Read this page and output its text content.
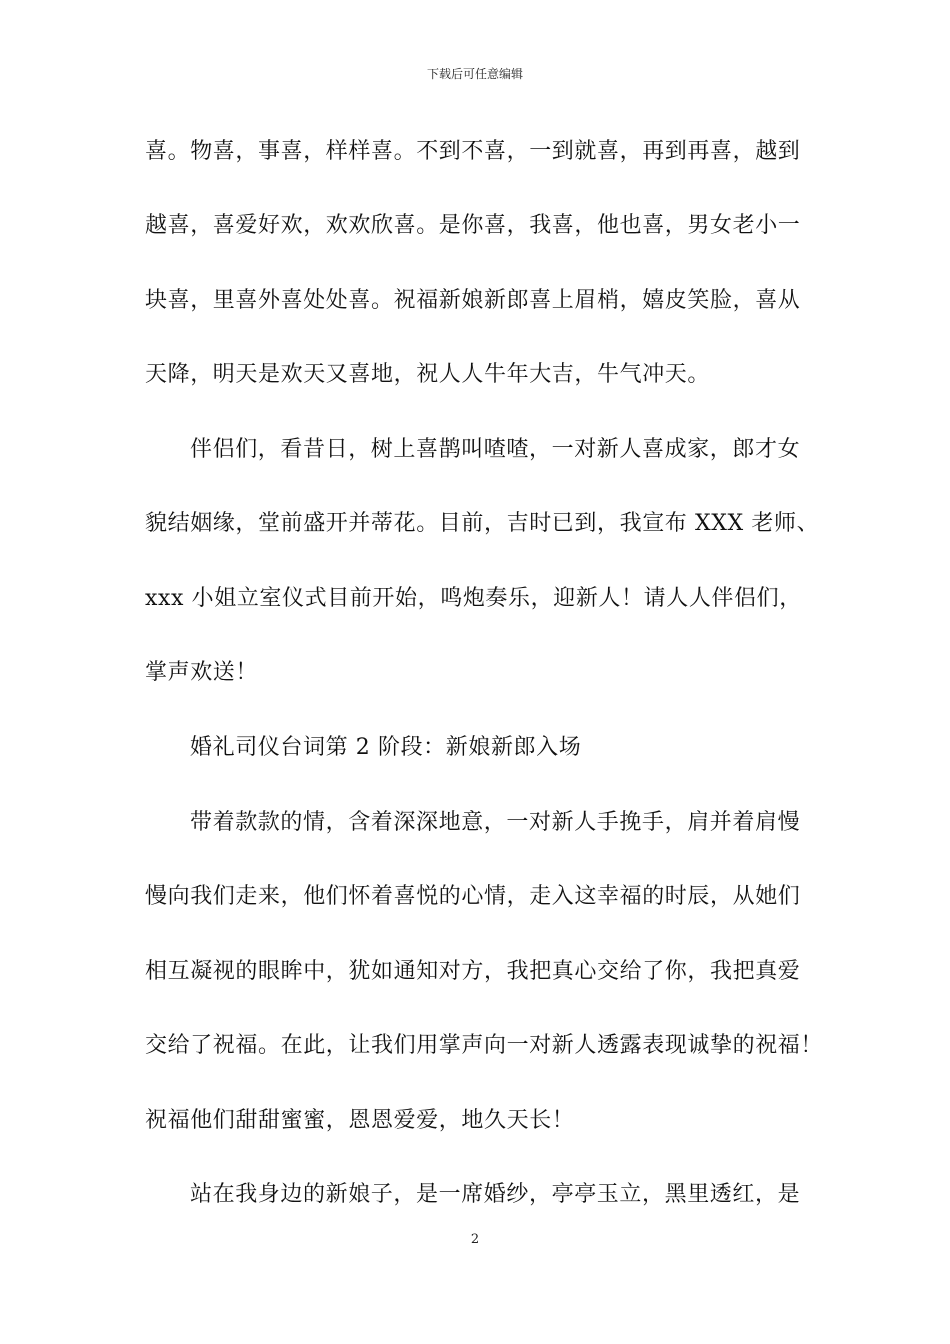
下载后可任意编辑
喜。物喜，事喜，样样喜。不到不喜，一到就喜，再到再喜，越到
越喜，喜爱好欢，欢欢欣喜。是你喜，我喜，他也喜，男女老小一
块喜，里喜外喜处处喜。祝福新娘新郎喜上眉梢，嬉皮笑脸，喜从
天降，明天是欢天又喜地，祝人人牛年大吉，牛气冲天。
伴侣们，看昔日，树上喜鹊叫喳喳，一对新人喜成家，郎才女
貌结姻缘，堂前盛开并蒂花。目前，吉时已到，我宣布 XXX 老师、
xxx 小姐立室仪式目前开始，鸣炮奏乐，迎新人！请人人伴侣们，
掌声欢送！
婚礼司仪台词第 2 阶段：新娘新郎入场
带着款款的情，含着深深地意，一对新人手挽手，肩并着肩慢
慢向我们走来，他们怀着喜悦的心情，走入这幸福的时辰，从她们
相互凝视的眼眸中，犹如通知对方，我把真心交给了你，我把真爱
交给了祝福。在此，让我们用掌声向一对新人透露表现诚挚的祝福！
祝福他们甜甜蜜蜜，恩恩爱爱，地久天长！
站在我身边的新娘子，是一席婚纱，亭亭玉立，黑里透红，是
2
